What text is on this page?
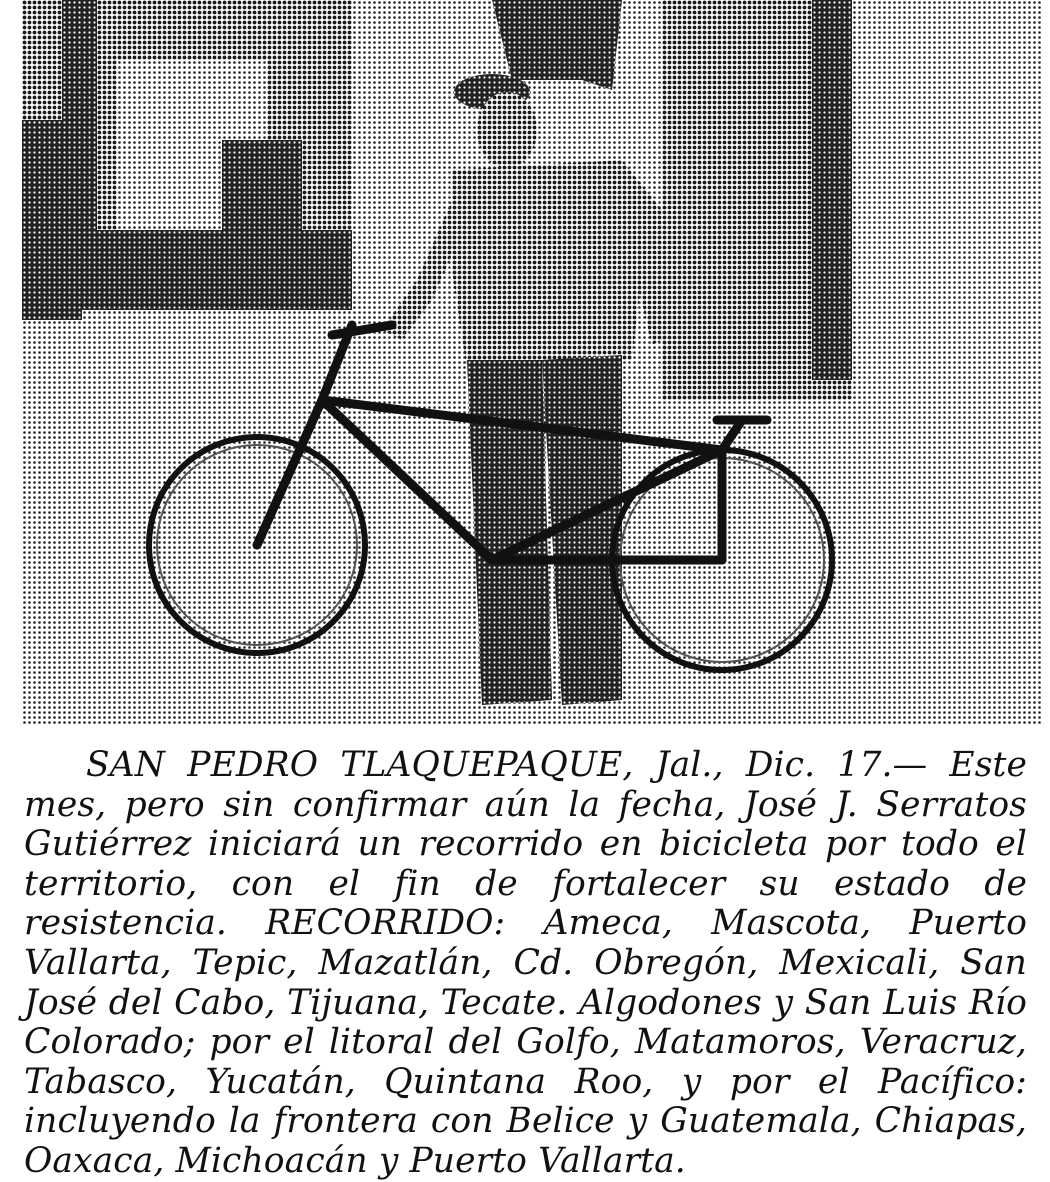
SAN PEDRO TLAQUEPAQUE, Jal., Dic. 17.— Este mes, pero sin confirmar aún la fecha, José J. Serratos Gutiérrez iniciará un recorrido en bicicleta por todo el territorio, con el fin de fortalecer su estado de resistencia. RECORRIDO: Ameca, Mascota, Puerto Vallarta, Tepic, Mazatlán, Cd. Obregón, Mexicali, San José del Cabo, Tijuana, Tecate. Algodones y San Luis Río Colorado; por el litoral del Golfo, Matamoros, Veracruz, Tabasco, Yucatán, Quintana Roo, y por el Pacífico: incluyendo la frontera con Belice y Guatemala, Chiapas, Oaxaca, Michoacán y Puerto Vallarta.
